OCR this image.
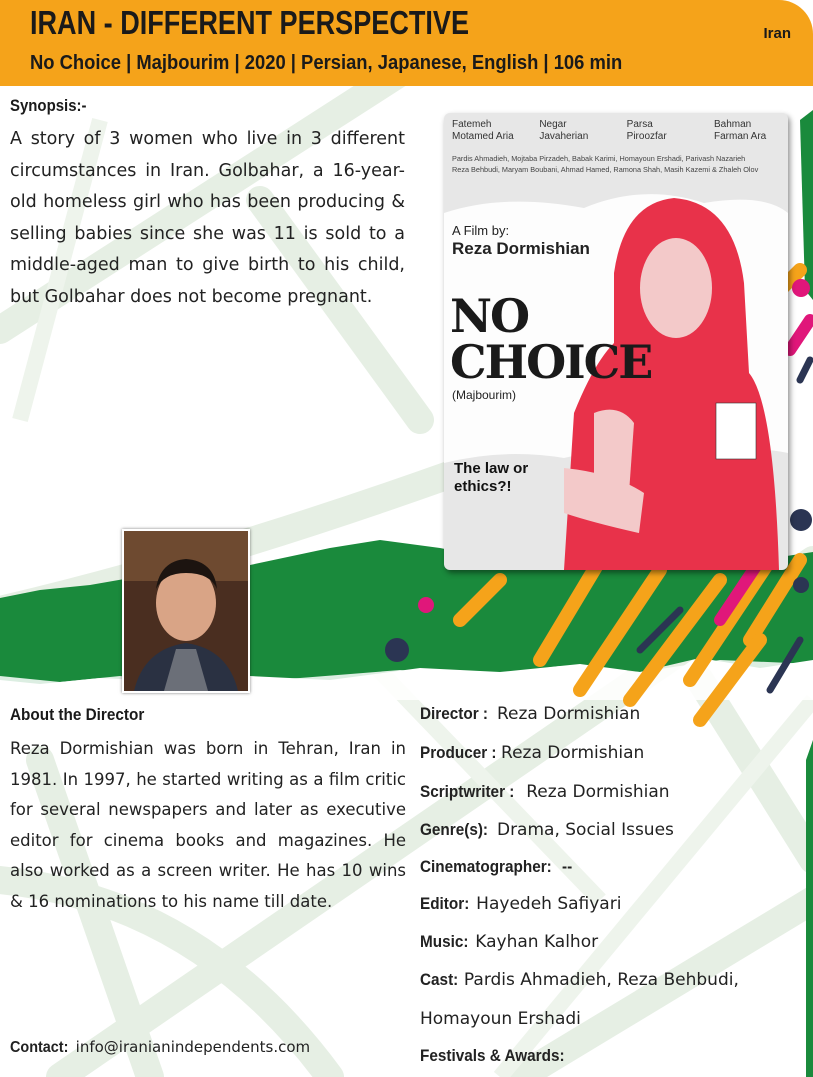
IRAN - DIFFERENT PERSPECTIVE
No Choice | Majbourim | 2020 | Persian, Japanese, English | 106 min
Iran
Synopsis:-
A story of 3 women who live in 3 different circumstances in Iran. Golbahar, a 16-year-old homeless girl who has been producing & selling babies since she was 11 is sold to a middle-aged man to give birth to his child, but Golbahar does not become pregnant.
Fatemeh Motamed Aria
Negar Javaherian
Parsa Piroozfar
Bahman Farman Ara
Pardis Ahmadieh, Mojtaba Pirzadeh, Babak Karimi, Homayoun Ershadi, Parivash Nazarieh
Reza Behbudi, Maryam Boubani, Ahmad Hamed, Ramona Shah, Masih Kazemi & Zhaleh Olov
A Film by:
Reza Dormishian
NO CHOICE
(Majbourim)
The law or ethics?!
About the Director
Reza Dormishian was born in Tehran, Iran in 1981. In 1997, he started writing as a film critic for several newspapers and later as executive editor for cinema books and magazines. He also worked as a screen writer. He has 10 wins & 16 nominations to his name till date.
Director : Reza Dormishian
Producer : Reza Dormishian
Scriptwriter : Reza Dormishian
Genre(s): Drama, Social Issues
Cinematographer:--
Editor: Hayedeh Safiyari
Music: Kayhan Kalhor
Cast: Pardis Ahmadieh, Reza Behbudi,
Homayoun Ershadi
Festivals & Awards:
Contact: info@iranianindependents.com
